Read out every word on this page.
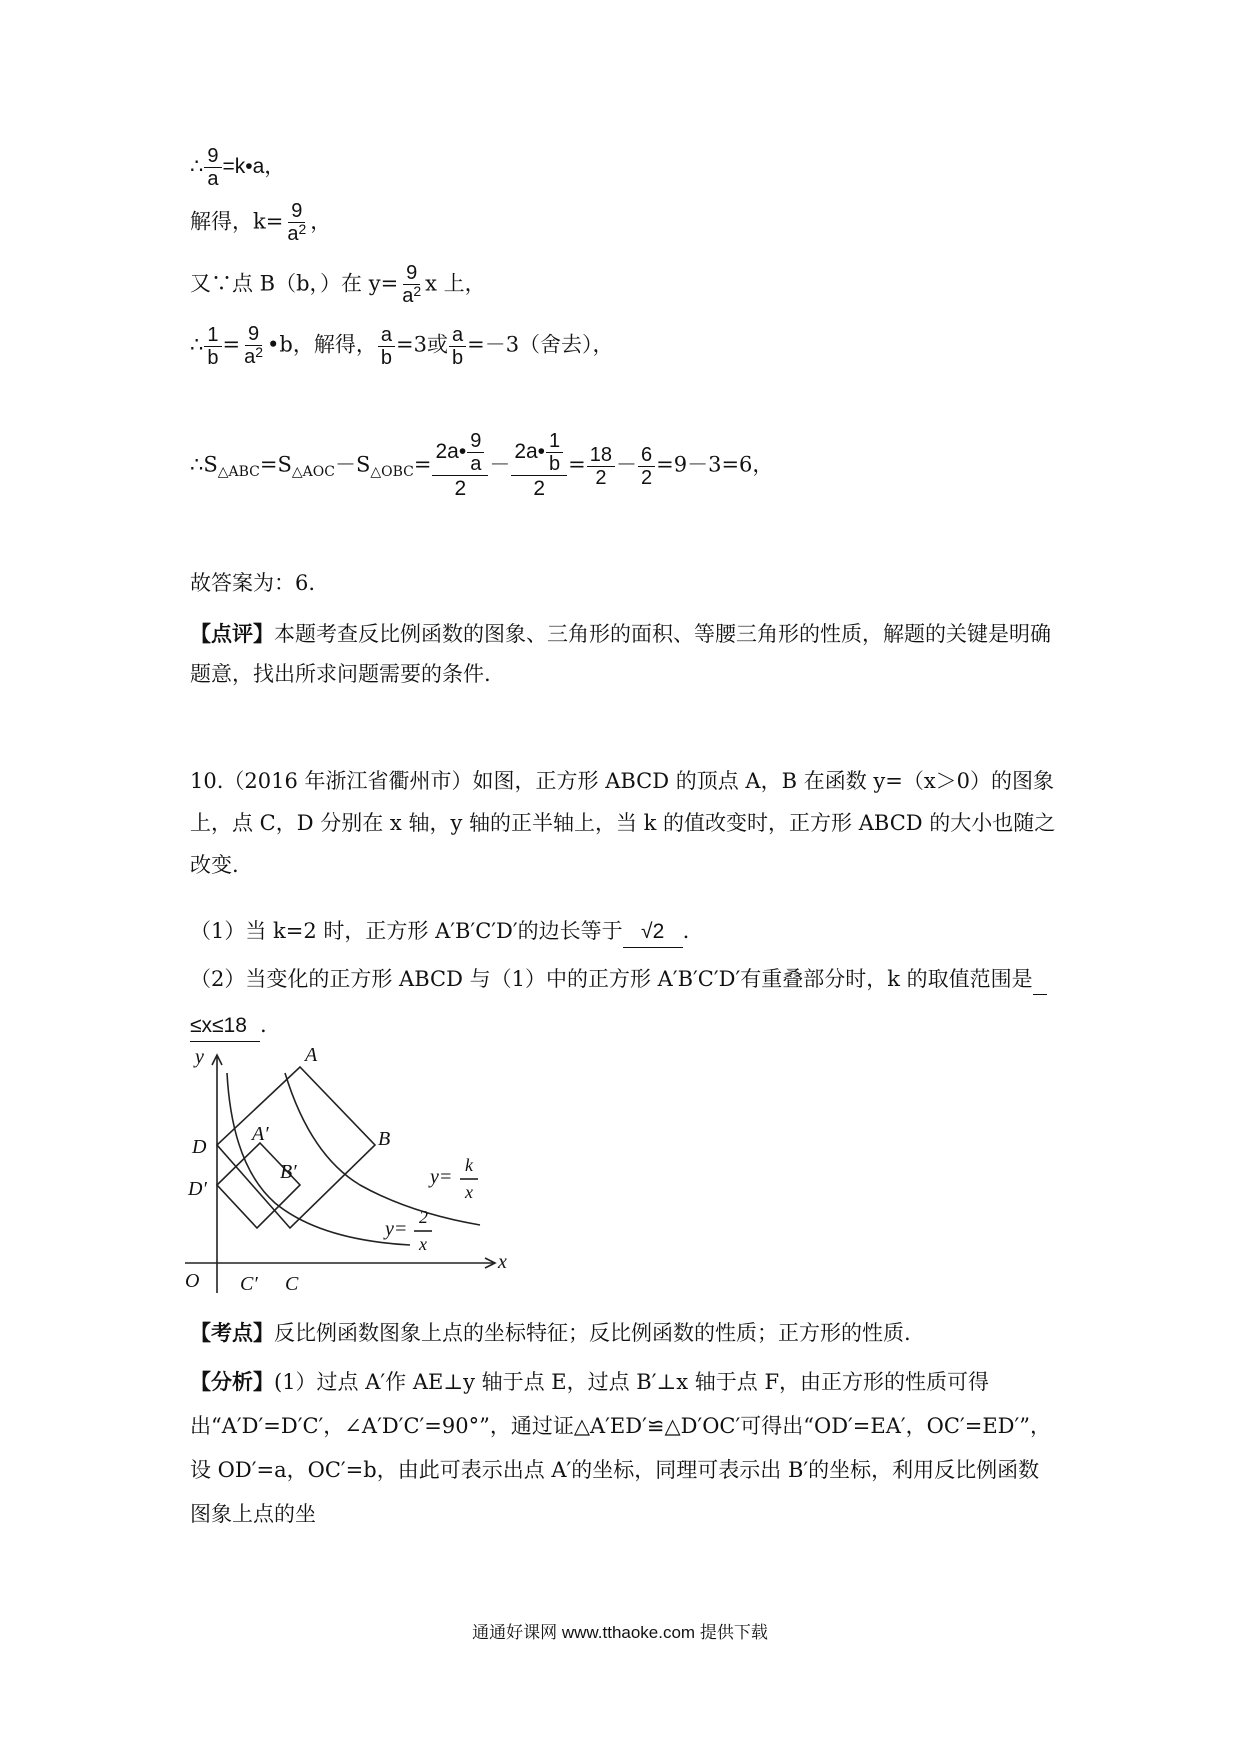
∴ $\frac{9}{a}$ =k•a，
解得，$k= \frac{9}{a^2}$ ，
又∵点 B（b，）在 $y= \frac{9}{a^2}$ x 上，
∴ $\frac{1}{b} = \frac{9}{a^2}$ •b，解得， $\frac{a}{b} =3$或 $\frac{a}{b} =-3$（舍去），
∴S△ABC=S△AOC－S△OBC= $\frac{2a• \frac{9}{a}}{2} - \frac{2a• \frac{1}{b}}{2} = \frac{18}{2} - \frac{6}{2} =9-3=6$，
故答案为：6.
【点评】本题考查反比例函数的图象、三角形的面积、等腰三角形的性质，解题的关键是明确题意，找出所求问题需要的条件.
10.（2016 年浙江省衢州市）如图，正方形 ABCD 的顶点 A，B 在函数 y=（x＞0）的图象上，点 C，D 分别在 x 轴，y 轴的正半轴上，当 k 的值改变时，正方形 ABCD 的大小也随之改变.
（1）当 k=2 时，正方形 A′B′C′D′的边长等于 √2 .
（2）当变化的正方形 ABCD 与（1）中的正方形 A′B′C′D′有重叠部分时，k 的取值范围是
≤x≤18 .
y
x
O
A
B
C
D
A′
B′
C′
D′
y=
k
x
y=
2
x
【考点】反比例函数图象上点的坐标特征；反比例函数的性质；正方形的性质.
【分析】(1）过点 A′作 AE⊥y 轴于点 E，过点 B′⊥x 轴于点 F，由正方形的性质可得出“A′D′=D′C′，∠A′D′C′=90°”，通过证△A′ED′≌△D′OC′可得出“OD′=EA′，OC′=ED′”，设 OD′=a，OC′=b，由此可表示出点 A′的坐标，同理可表示出 B′的坐标，利用反比例函数图象上点的坐
通通好课网 www.tthaoke.com 提供下载
